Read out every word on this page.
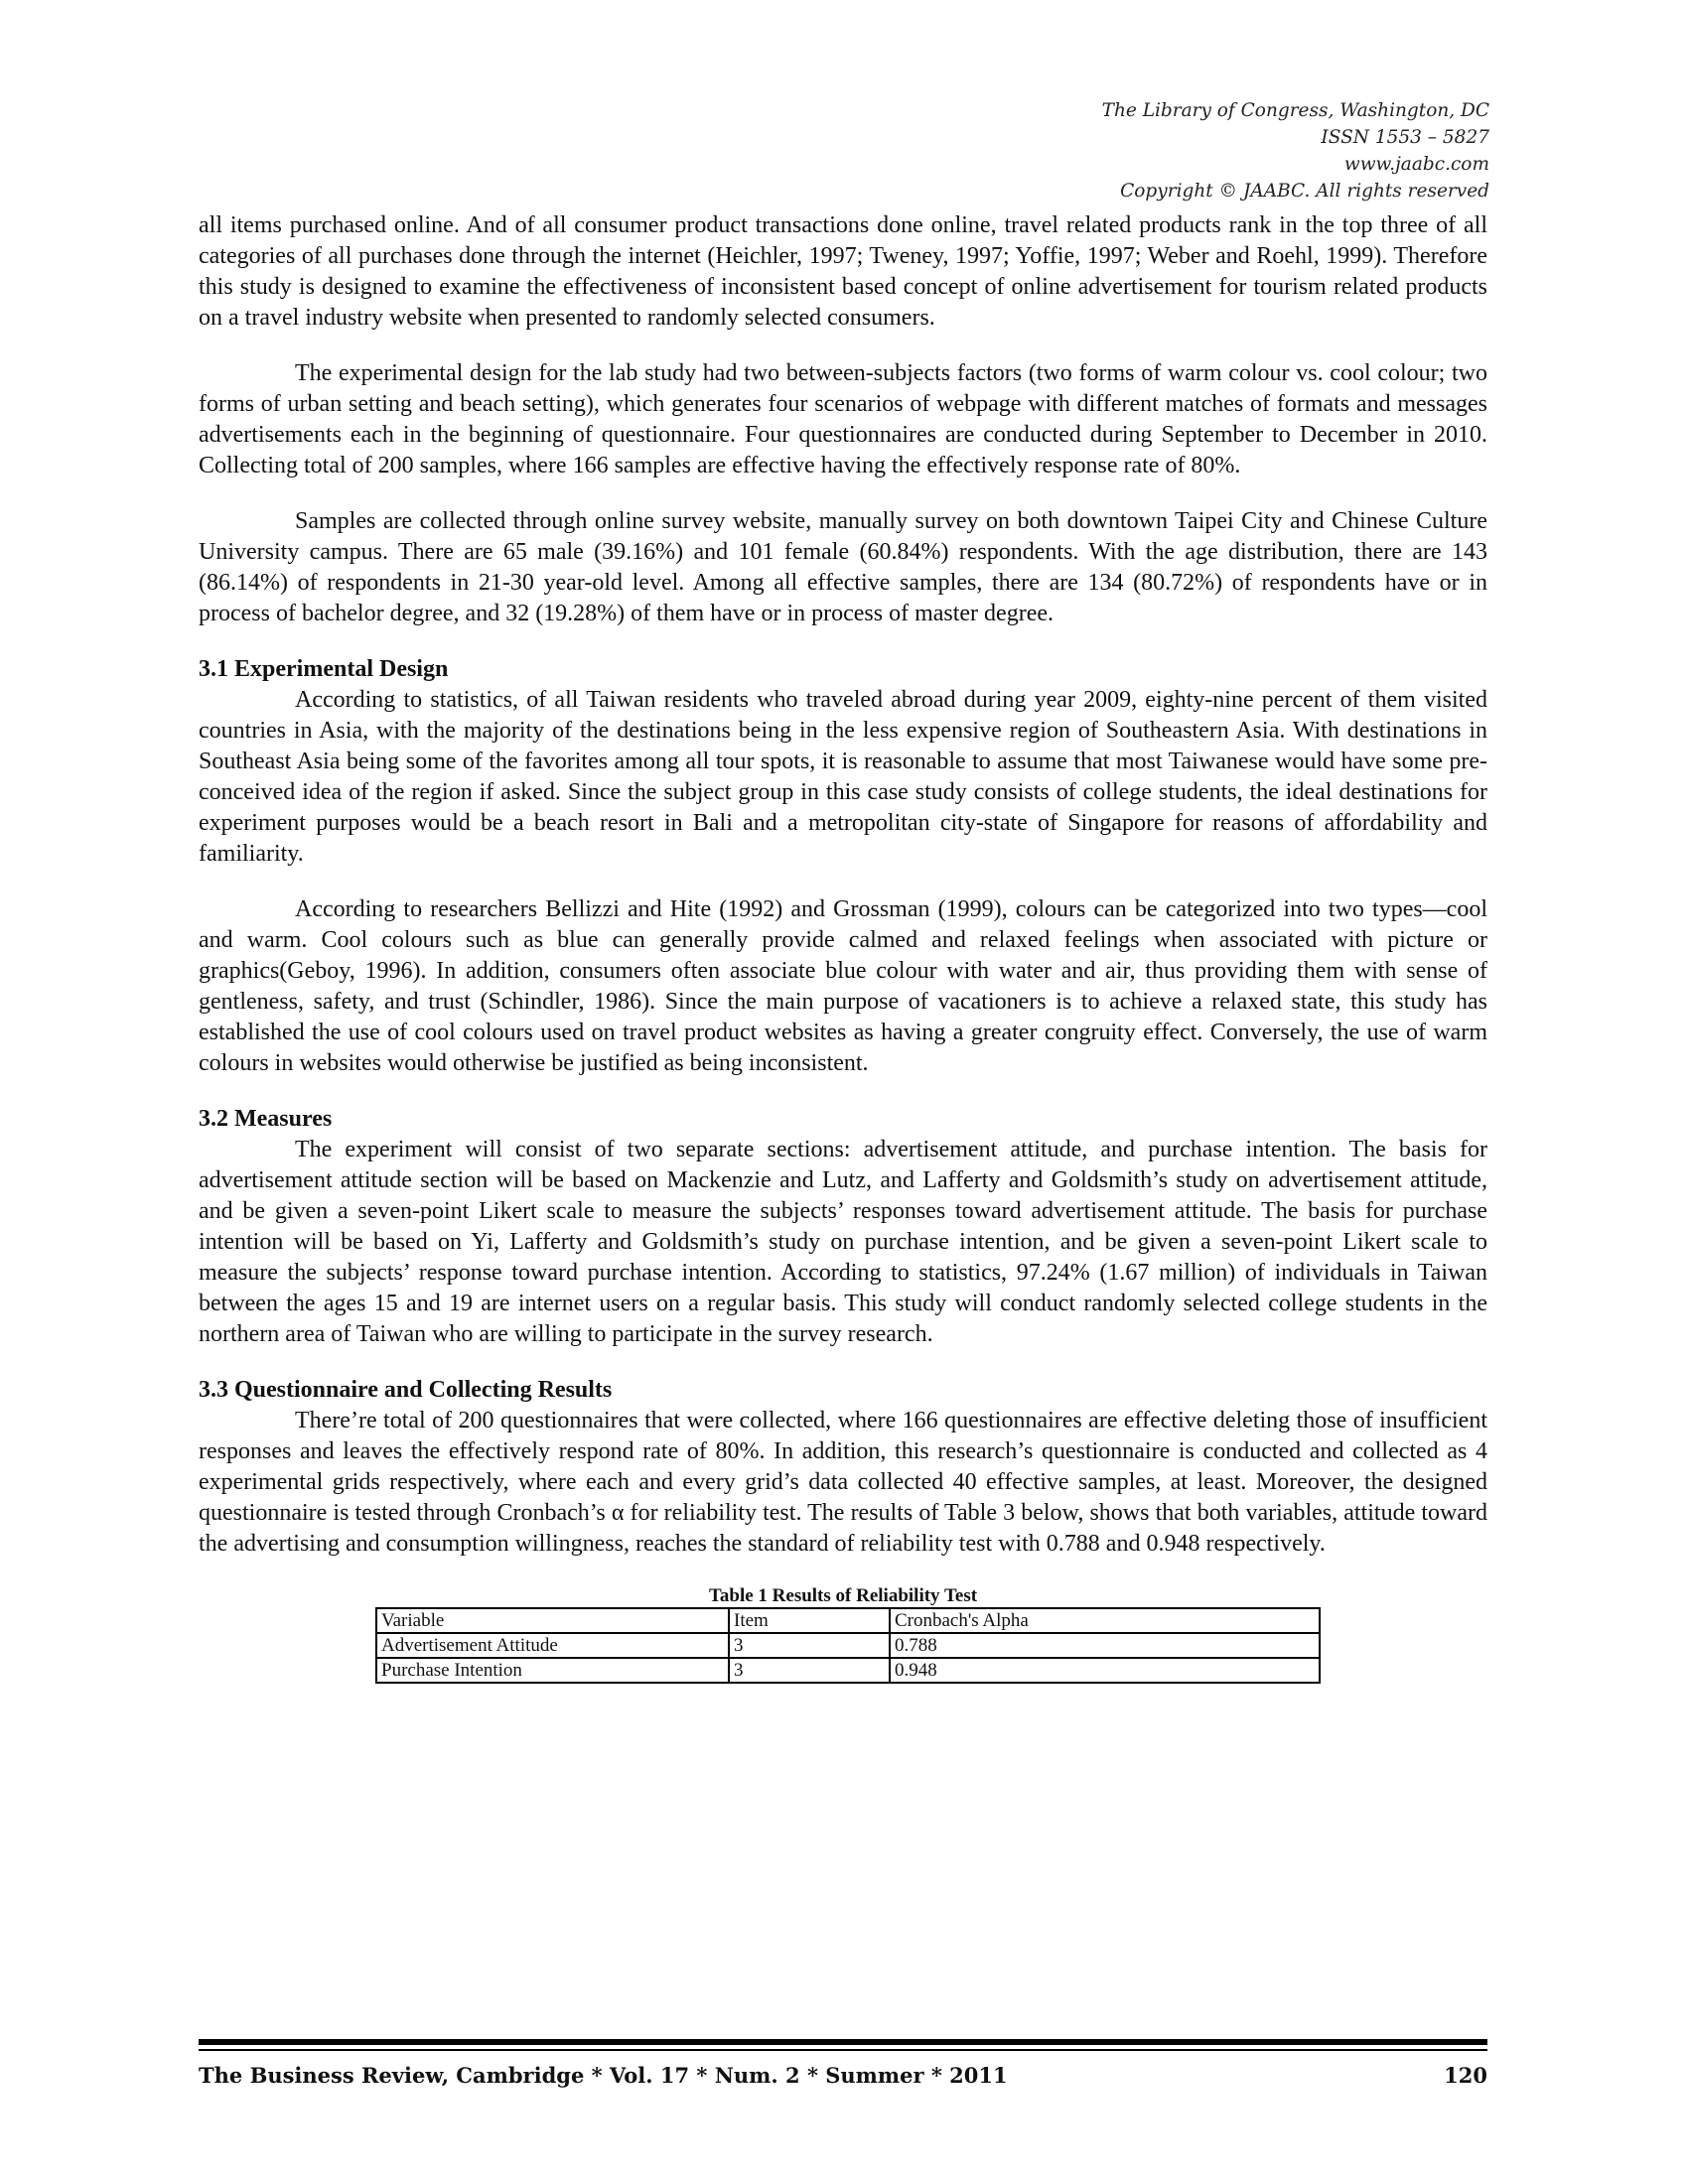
The Library of Congress, Washington, DC
ISSN 1553 – 5827
www.jaabc.com
Copyright © JAABC. All rights reserved

all items purchased online. And of all consumer product transactions done online, travel related products rank in the top three of all categories of all purchases done through the internet (Heichler, 1997; Tweney, 1997; Yoffie, 1997; Weber and Roehl, 1999). Therefore this study is designed to examine the effectiveness of inconsistent based concept of online advertisement for tourism related products on a travel industry website when presented to randomly selected consumers.

The experimental design for the lab study had two between-subjects factors (two forms of warm colour vs. cool colour; two forms of urban setting and beach setting), which generates four scenarios of webpage with different matches of formats and messages advertisements each in the beginning of questionnaire. Four questionnaires are conducted during September to December in 2010. Collecting total of 200 samples, where 166 samples are effective having the effectively response rate of 80%.

Samples are collected through online survey website, manually survey on both downtown Taipei City and Chinese Culture University campus. There are 65 male (39.16%) and 101 female (60.84%) respondents. With the age distribution, there are 143 (86.14%) of respondents in 21-30 year-old level. Among all effective samples, there are 134 (80.72%) of respondents have or in process of bachelor degree, and 32 (19.28%) of them have or in process of master degree.

3.1 Experimental Design

According to statistics, of all Taiwan residents who traveled abroad during year 2009, eighty-nine percent of them visited countries in Asia, with the majority of the destinations being in the less expensive region of Southeastern Asia. With destinations in Southeast Asia being some of the favorites among all tour spots, it is reasonable to assume that most Taiwanese would have some pre-conceived idea of the region if asked. Since the subject group in this case study consists of college students, the ideal destinations for experiment purposes would be a beach resort in Bali and a metropolitan city-state of Singapore for reasons of affordability and familiarity.

According to researchers Bellizzi and Hite (1992) and Grossman (1999), colours can be categorized into two types—cool and warm. Cool colours such as blue can generally provide calmed and relaxed feelings when associated with picture or graphics(Geboy, 1996). In addition, consumers often associate blue colour with water and air, thus providing them with sense of gentleness, safety, and trust (Schindler, 1986). Since the main purpose of vacationers is to achieve a relaxed state, this study has established the use of cool colours used on travel product websites as having a greater congruity effect. Conversely, the use of warm colours in websites would otherwise be justified as being inconsistent.

3.2 Measures

The experiment will consist of two separate sections: advertisement attitude, and purchase intention. The basis for advertisement attitude section will be based on Mackenzie and Lutz, and Lafferty and Goldsmith’s study on advertisement attitude, and be given a seven-point Likert scale to measure the subjects’ responses toward advertisement attitude. The basis for purchase intention will be based on Yi, Lafferty and Goldsmith’s study on purchase intention, and be given a seven-point Likert scale to measure the subjects’ response toward purchase intention. According to statistics, 97.24% (1.67 million) of individuals in Taiwan between the ages 15 and 19 are internet users on a regular basis. This study will conduct randomly selected college students in the northern area of Taiwan who are willing to participate in the survey research.

3.3 Questionnaire and Collecting Results

There’re total of 200 questionnaires that were collected, where 166 questionnaires are effective deleting those of insufficient responses and leaves the effectively respond rate of 80%. In addition, this research’s questionnaire is conducted and collected as 4 experimental grids respectively, where each and every grid’s data collected 40 effective samples, at least. Moreover, the designed questionnaire is tested through Cronbach’s α for reliability test. The results of Table 3 below, shows that both variables, attitude toward the advertising and consumption willingness, reaches the standard of reliability test with 0.788 and 0.948 respectively.

Table 1 Results of Reliability Test
Variable	Item	Cronbach's Alpha
Advertisement Attitude	3	0.788
Purchase Intention	3	0.948
The Business Review, Cambridge * Vol. 17 * Num. 2 * Summer * 2011	120
